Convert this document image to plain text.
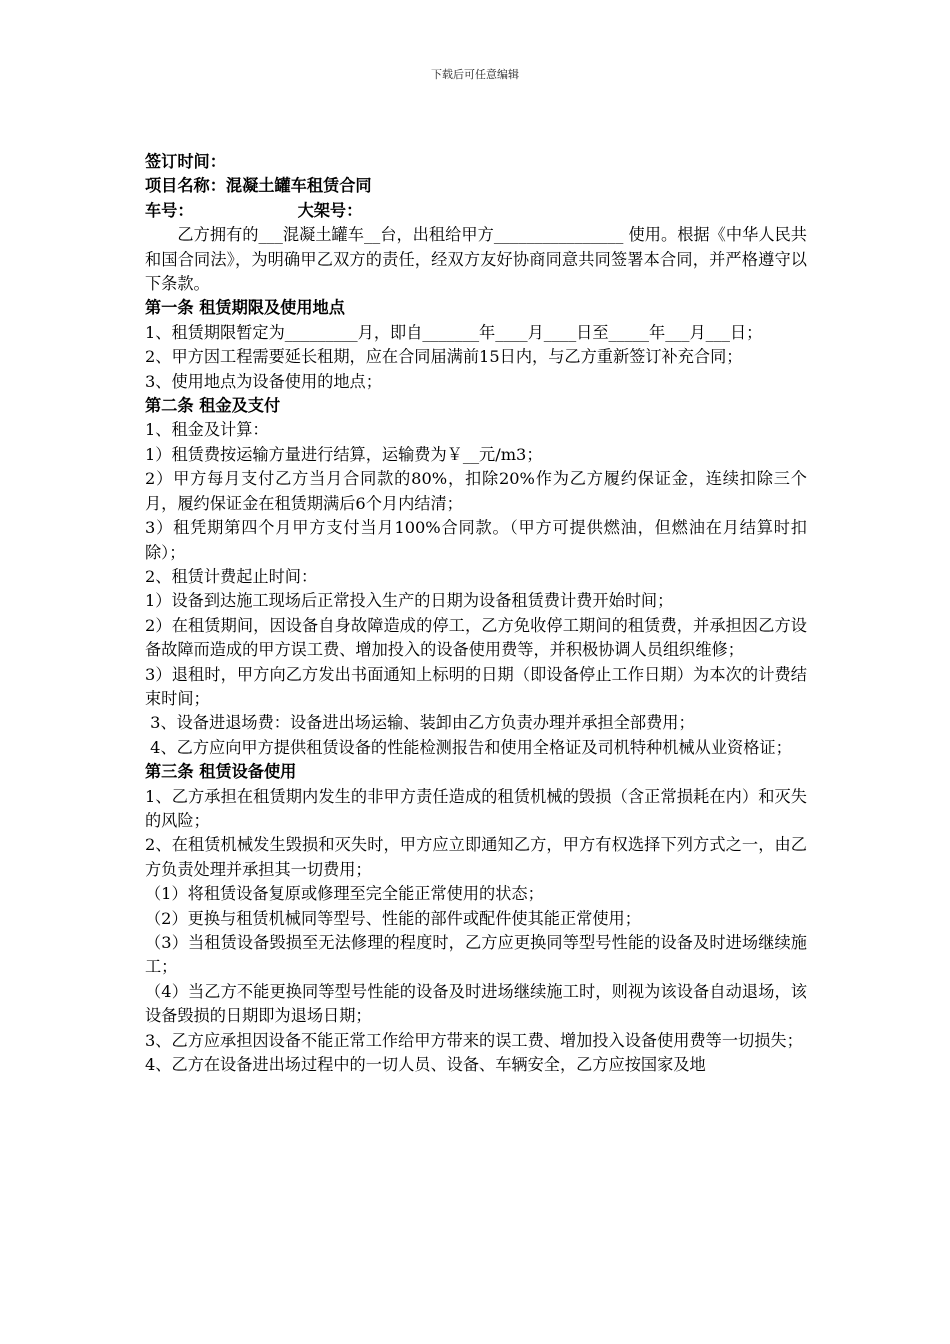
下载后可任意编辑

签订时间：

项目名称：混凝土罐车租赁合同

车号：	大架号：

乙方拥有的___混凝土罐车__台，出租给甲方________________ 使用。根据《中华人民共和国合同法》，为明确甲乙双方的责任，经双方友好协商同意共同签署本合同，并严格遵守以下条款。

第一条 租赁期限及使用地点

1、租赁期限暂定为_________月，即自_______年____月____日至_____年___月___日；

2、甲方因工程需要延长租期，应在合同届满前15日内，与乙方重新签订补充合同；

3、使用地点为设备使用的地点；

第二条 租金及支付

1、租金及计算：

1）租赁费按运输方量进行结算，运输费为￥__元/m3；

2）甲方每月支付乙方当月合同款的80%，扣除20%作为乙方履约保证金，连续扣除三个月，履约保证金在租赁期满后6个月内结清；

3）租凭期第四个月甲方支付当月100%合同款。（甲方可提供燃油，但燃油在月结算时扣除）；

2、租赁计费起止时间：

1）设备到达施工现场后正常投入生产的日期为设备租赁费计费开始时间；

2）在租赁期间，因设备自身故障造成的停工，乙方免收停工期间的租赁费，并承担因乙方设备故障而造成的甲方误工费、增加投入的设备使用费等，并积极协调人员组织维修；

3）退租时，甲方向乙方发出书面通知上标明的日期（即设备停止工作日期）为本次的计费结束时间；

3、设备进退场费：设备进出场运输、装卸由乙方负责办理并承担全部费用；

4、乙方应向甲方提供租赁设备的性能检测报告和使用全格证及司机特种机械从业资格证；

第三条 租赁设备使用

1、乙方承担在租赁期内发生的非甲方责任造成的租赁机械的毁损（含正常损耗在内）和灭失的风险；

2、在租赁机械发生毁损和灭失时，甲方应立即通知乙方，甲方有权选择下列方式之一，由乙方负责处理并承担其一切费用；

（1）将租赁设备复原或修理至完全能正常使用的状态；

（2）更换与租赁机械同等型号、性能的部件或配件使其能正常使用；

（3）当租赁设备毁损至无法修理的程度时，乙方应更换同等型号性能的设备及时进场继续施工；

（4）当乙方不能更换同等型号性能的设备及时进场继续施工时，则视为该设备自动退场，该设备毁损的日期即为退场日期；

3、乙方应承担因设备不能正常工作给甲方带来的误工费、增加投入设备使用费等一切损失；

4、乙方在设备进出场过程中的一切人员、设备、车辆安全，乙方应按国家及地
